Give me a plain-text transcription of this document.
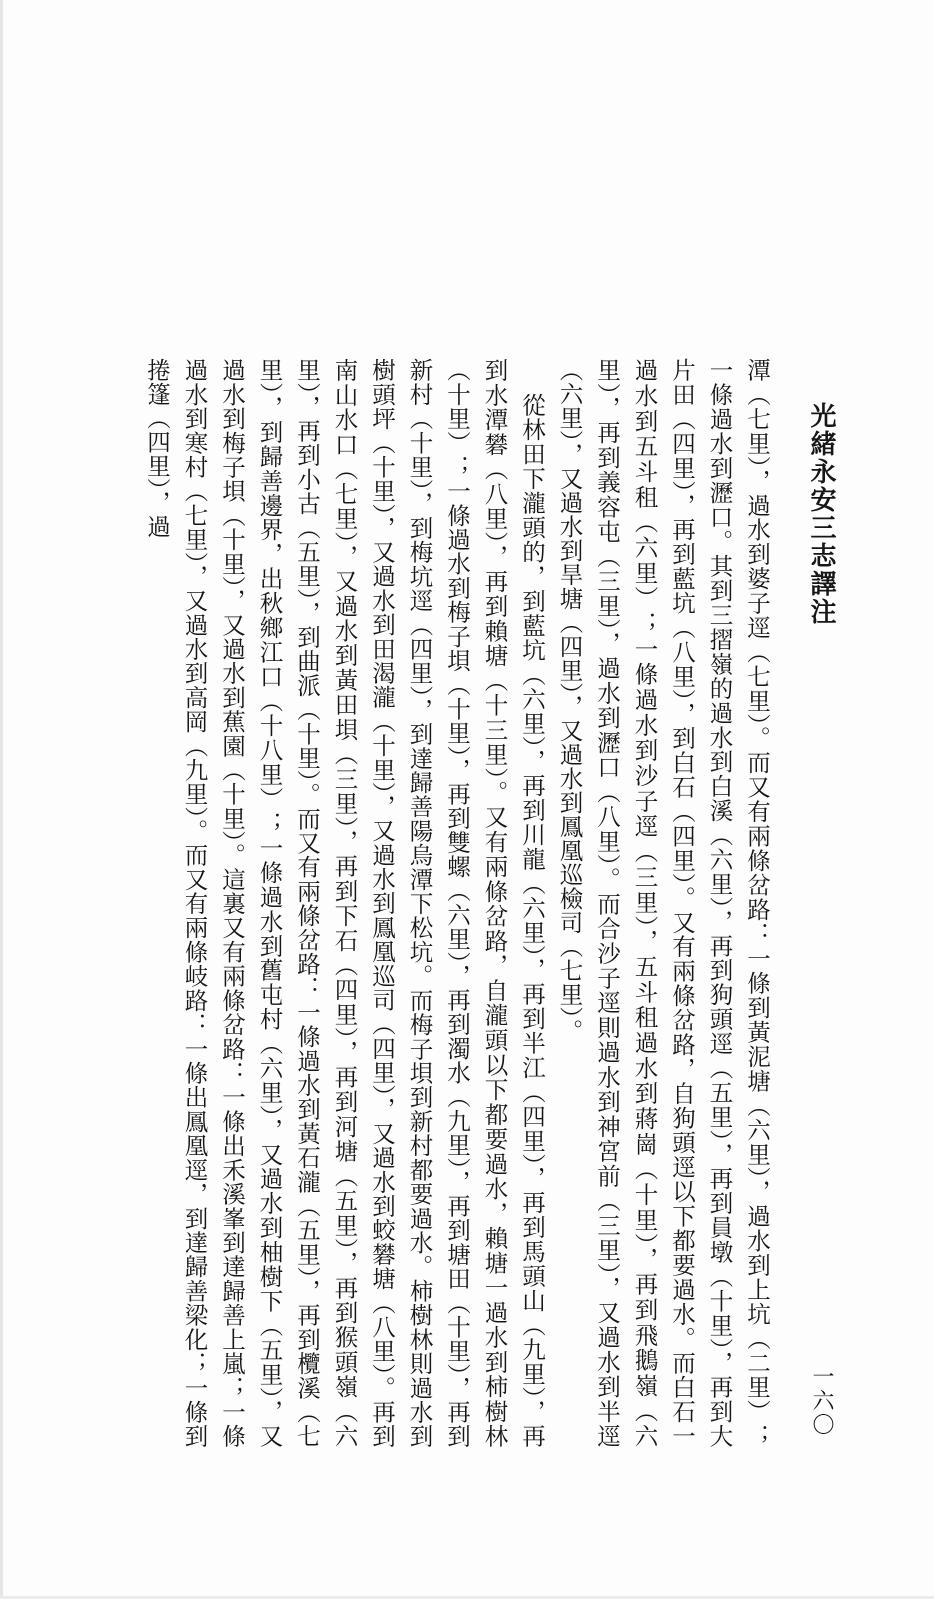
光緒永安三志譯注
一六〇

潭（七里），過水到婆子逕（七里）。而又有兩條岔路：一條到黃泥塘（六里），過水到上坑（二里）；一條過水到瀝口。其到三摺嶺的過水到白溪（六里），再到狗頭逕（五里），再到員墩（十里），再到大片田（四里），再到藍坑（八里），到白石（四里）。又有兩條岔路，自狗頭逕以下都要過水。而白石一過水到五斗租（六里）；一條過水到沙子逕（三里），五斗租過水到蔣崗（十里），再到飛鵝嶺（六里），再到義容屯（三里），過水到瀝口（八里）。而合沙子逕則過水到神宮前（三里），又過水到半逕（六里），又過水到旱塘（四里），又過水到鳳凰巡檢司（七里）。

從林田下瀧頭的，到藍坑（六里），再到川龍（六里），再到半江（四里），再到馬頭山（九里），再到水潭礬（八里），再到賴塘（十三里）。又有兩條岔路，自瀧頭以下都要過水，賴塘一過水到柿樹林（十里）；一條過水到梅子垻（十里），再到雙螺（六里），再到濁水（九里），再到塘田（十里），再到新村（十里），到梅坑逕（四里），到達歸善陽烏潭下松坑。而梅子垻到新村都要過水。柿樹林則過水到樹頭坪（十里），又過水到田渴瀧（十里），又過水到鳳凰巡司（四里），又過水到蛟礬塘（八里）。再到南山水口（七里），又過水到黃田垻（三里），再到下石（四里），再到河塘（五里），再到猴頭嶺（六里），再到小古（五里），到曲派（十里）。而又有兩條岔路：一條過水到黃石瀧（五里），再到欖溪（七里），到歸善邊界，出秋鄉江口（十八里）；一條過水到舊屯村（六里），又過水到柚樹下（五里），又過水到梅子垻（十里），又過水到蕉園（十里）。這裏又有兩條岔路：一條出禾溪峯到達歸善上嵐；一條過水到寒村（七里），又過水到高岡（九里）。而又有兩條岐路：一條出鳳凰逕，到達歸善梁化；一條到捲篷（四里），過
